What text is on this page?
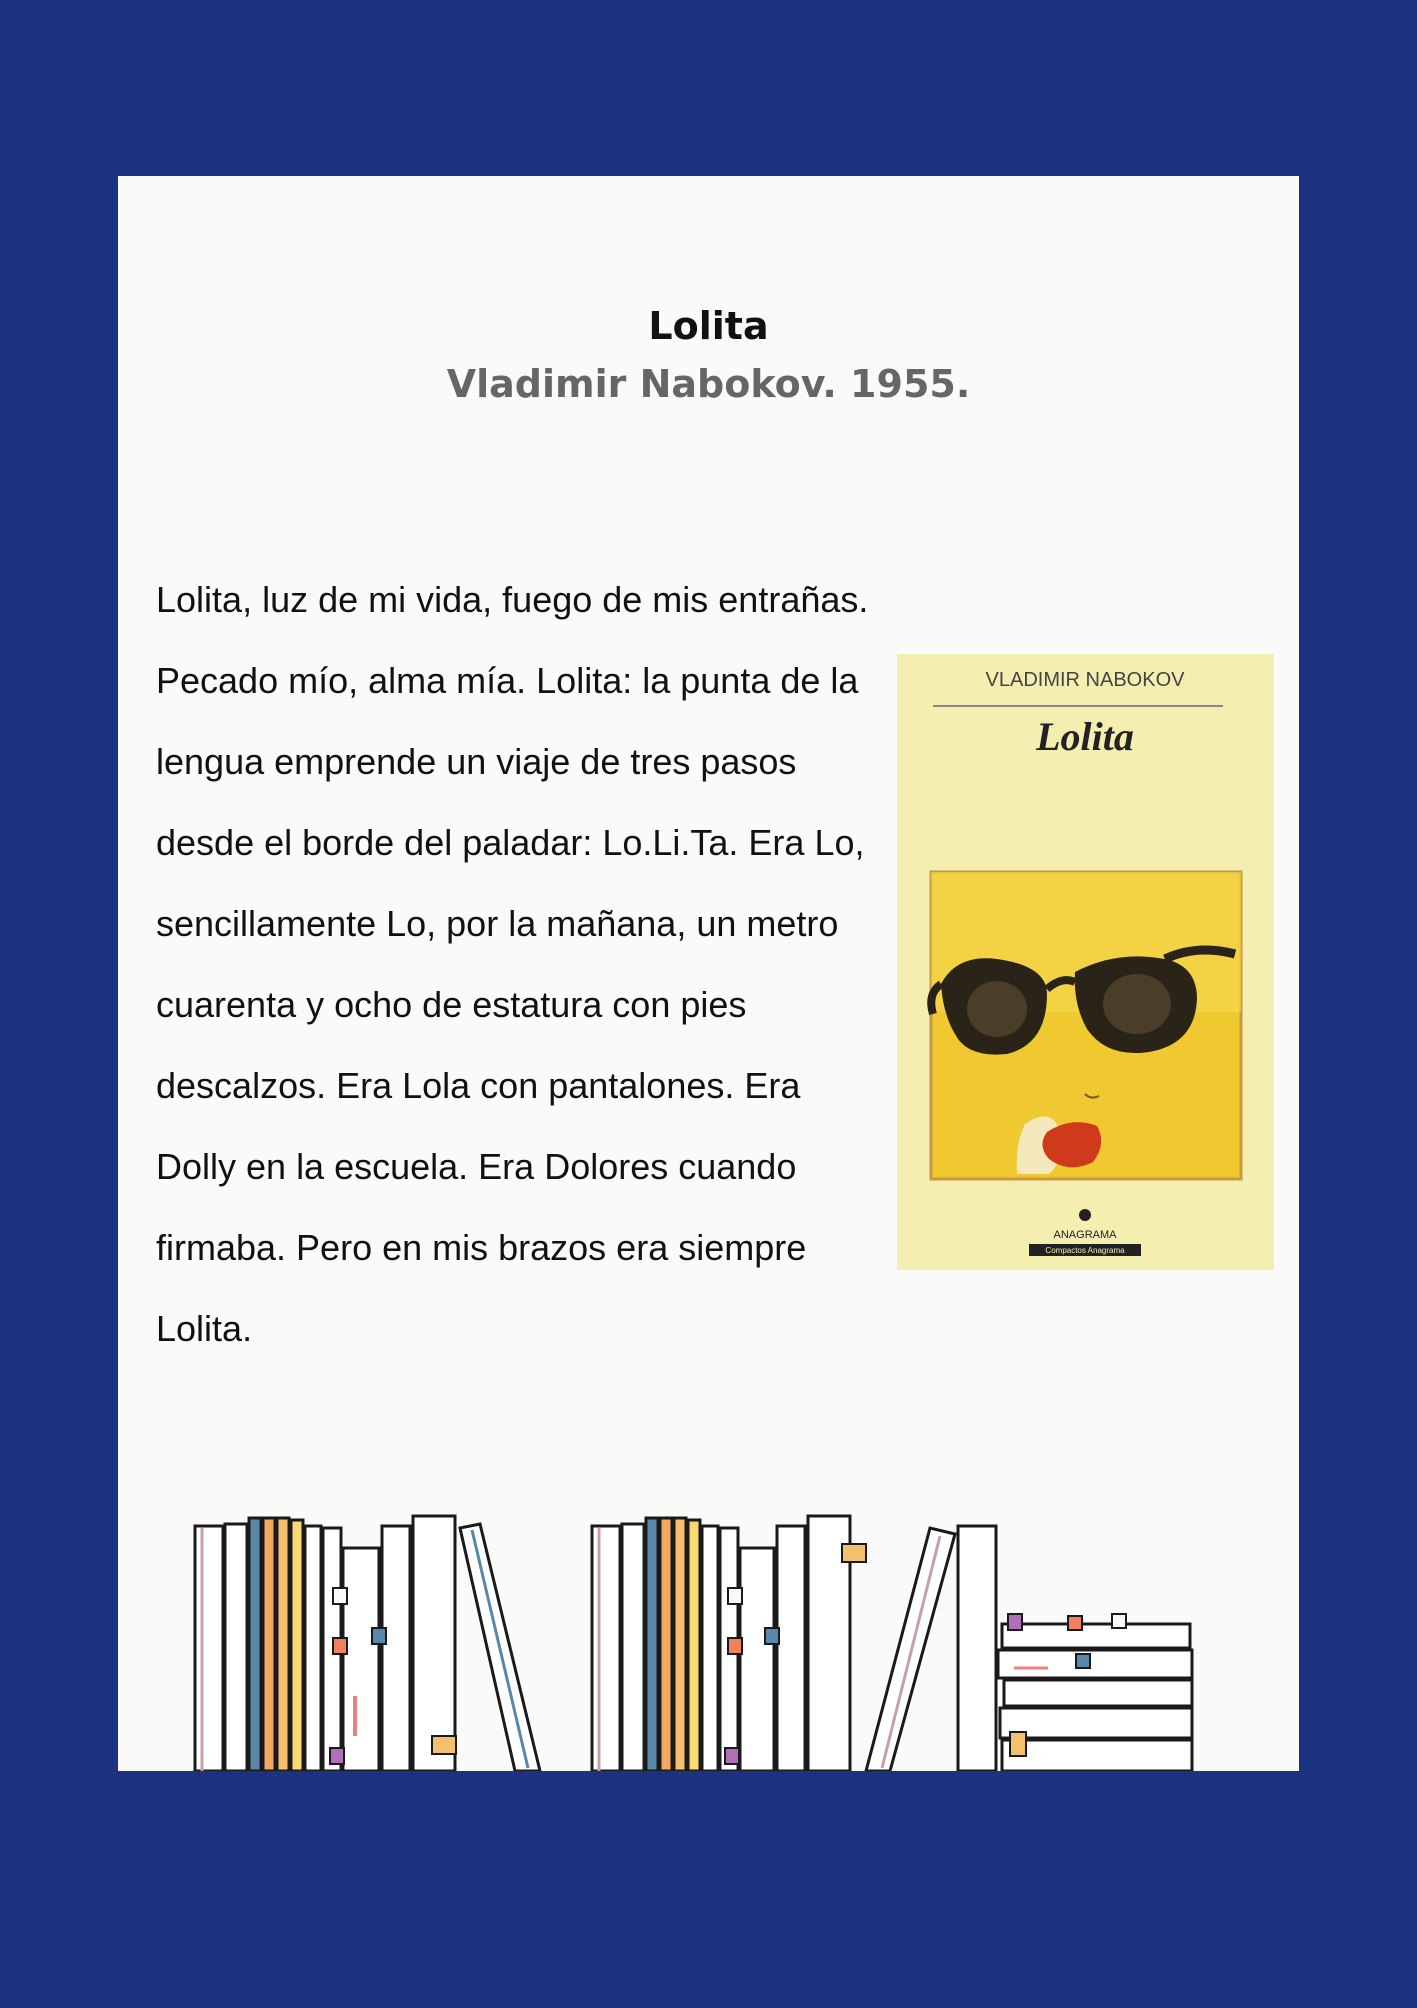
Lolita
Vladimir Nabokov. 1955.

Lolita, luz de mi vida, fuego de mis entrañas.
Pecado mío, alma mía. Lolita: la punta de la
lengua emprende un viaje de tres pasos
desde el borde del paladar: Lo.Li.Ta. Era Lo,
sencillamente Lo, por la mañana, un metro
cuarenta y ocho de estatura con pies
descalzos. Era Lola con pantalones. Era
Dolly en la escuela. Era Dolores cuando
firmaba. Pero en mis brazos era siempre
Lolita.

VLADIMIR NABOKOV
Lolita
ANAGRAMA
Compactos Anagrama
